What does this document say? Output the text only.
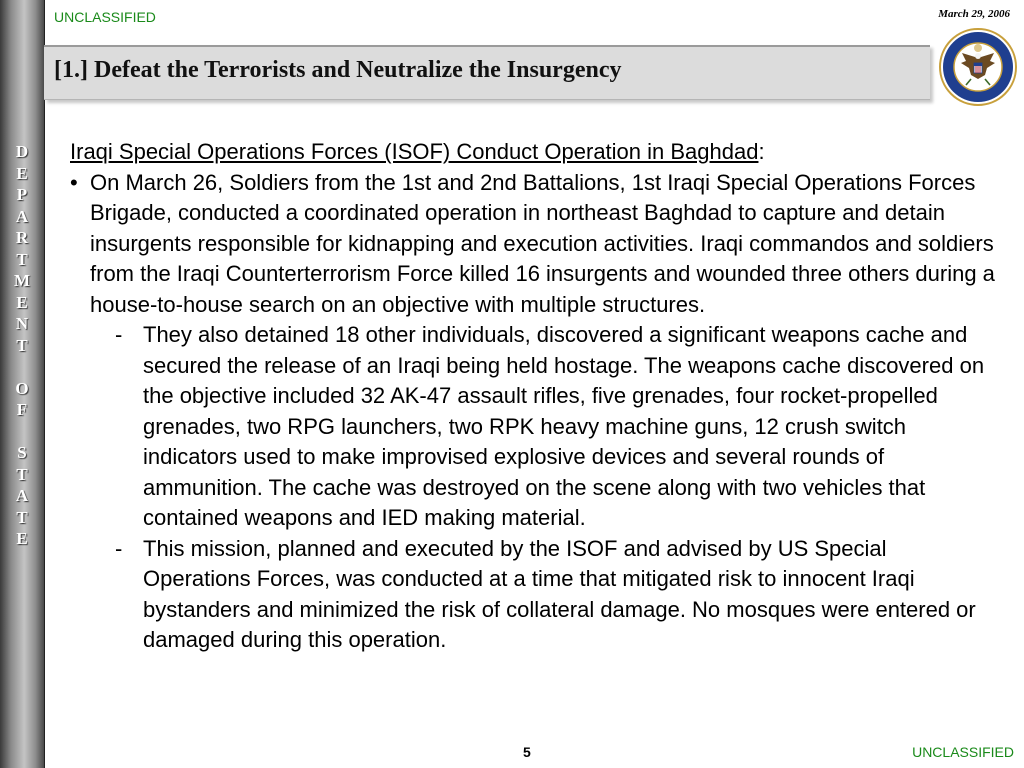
D
E
P
A
R
T
M
E
N
T
O
F
S
T
A
T
E
UNCLASSIFIED	March 29, 2006
[1.] Defeat the Terrorists and Neutralize the Insurgency

Iraqi Special Operations Forces (ISOF) Conduct Operation in Baghdad:

• On March 26, Soldiers from the 1st and 2nd Battalions, 1st Iraqi Special Operations Forces Brigade, conducted a coordinated operation in northeast Baghdad to capture and detain insurgents responsible for kidnapping and execution activities. Iraqi commandos and soldiers from the Iraqi Counterterrorism Force killed 16 insurgents and wounded three others during a house-to-house search on an objective with multiple structures.

- They also detained 18 other individuals, discovered a significant weapons cache and secured the release of an Iraqi being held hostage. The weapons cache discovered on the objective included 32 AK-47 assault rifles, five grenades, four rocket-propelled grenades, two RPG launchers, two RPK heavy machine guns, 12 crush switch indicators used to make improvised explosive devices and several rounds of ammunition. The cache was destroyed on the scene along with two vehicles that contained weapons and IED making material.

- This mission, planned and executed by the ISOF and advised by US Special Operations Forces, was conducted at a time that mitigated risk to innocent Iraqi bystanders and minimized the risk of collateral damage. No mosques were entered or damaged during this operation.

5	UNCLASSIFIED
